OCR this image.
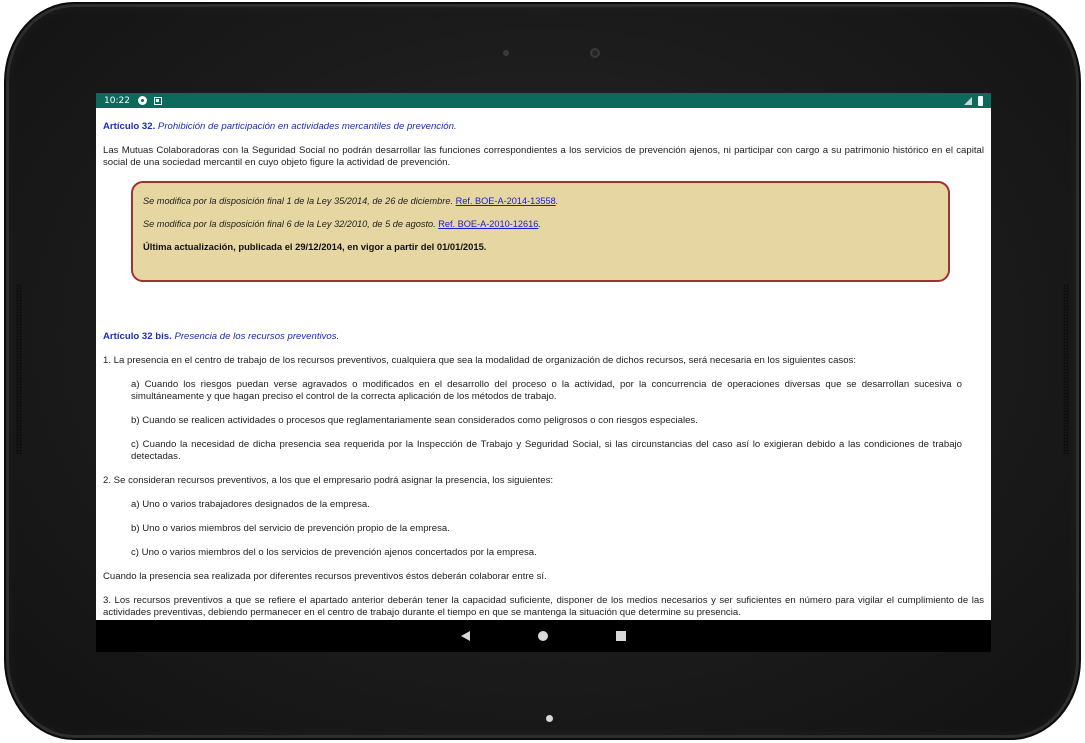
10:22
Artículo 32. Prohibición de participación en actividades mercantiles de prevención.

Las Mutuas Colaboradoras con la Seguridad Social no podrán desarrollar las funciones correspondientes a los servicios de prevención ajenos, ni participar con cargo a su patrimonio histórico en el capital social de una sociedad mercantil en cuyo objeto figure la actividad de prevención.

Se modifica por la disposición final 1 de la Ley 35/2014, de 26 de diciembre. Ref. BOE-A-2014-13558.

Se modifica por la disposición final 6 de la Ley 32/2010, de 5 de agosto. Ref. BOE-A-2010-12616.

Última actualización, publicada el 29/12/2014, en vigor a partir del 01/01/2015.

Artículo 32 bis. Presencia de los recursos preventivos.

1. La presencia en el centro de trabajo de los recursos preventivos, cualquiera que sea la modalidad de organización de dichos recursos, será necesaria en los siguientes casos:

a) Cuando los riesgos puedan verse agravados o modificados en el desarrollo del proceso o la actividad, por la concurrencia de operaciones diversas que se desarrollan sucesiva o simultáneamente y que hagan preciso el control de la correcta aplicación de los métodos de trabajo.

b) Cuando se realicen actividades o procesos que reglamentariamente sean considerados como peligrosos o con riesgos especiales.

c) Cuando la necesidad de dicha presencia sea requerida por la Inspección de Trabajo y Seguridad Social, si las circunstancias del caso así lo exigieran debido a las condiciones de trabajo detectadas.

2. Se consideran recursos preventivos, a los que el empresario podrá asignar la presencia, los siguientes:

a) Uno o varios trabajadores designados de la empresa.

b) Uno o varios miembros del servicio de prevención propio de la empresa.

c) Uno o varios miembros del o los servicios de prevención ajenos concertados por la empresa.

Cuando la presencia sea realizada por diferentes recursos preventivos éstos deberán colaborar entre sí.

3. Los recursos preventivos a que se refiere el apartado anterior deberán tener la capacidad suficiente, disponer de los medios necesarios y ser suficientes en número para vigilar el cumplimiento de las actividades preventivas, debiendo permanecer en el centro de trabajo durante el tiempo en que se mantenga la situación que determine su presencia.
